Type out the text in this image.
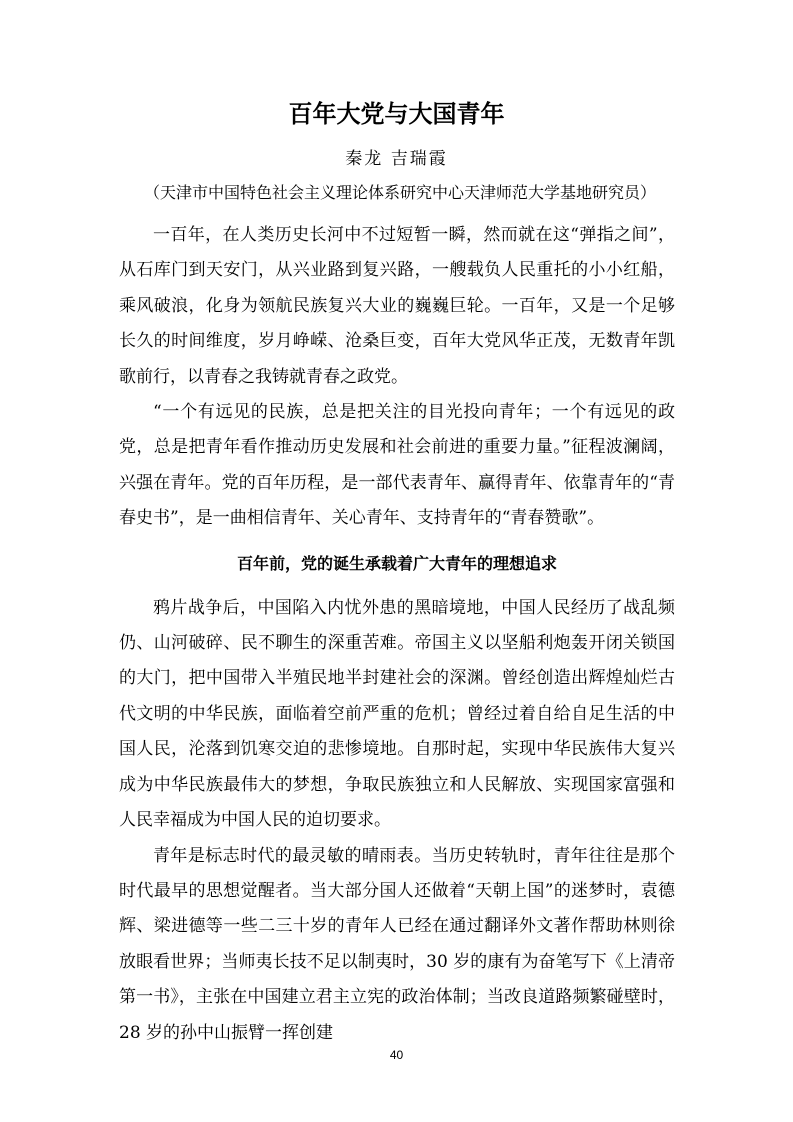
百年大党与大国青年
秦龙 吉瑞霞
（天津市中国特色社会主义理论体系研究中心天津师范大学基地研究员）

一百年，在人类历史长河中不过短暂一瞬，然而就在这“弹指之间”，从石库门到天安门，从兴业路到复兴路，一艘载负人民重托的小小红船，乘风破浪，化身为领航民族复兴大业的巍巍巨轮。一百年，又是一个足够长久的时间维度，岁月峥嵘、沧桑巨变，百年大党风华正茂，无数青年凯歌前行，以青春之我铸就青春之政党。

“一个有远见的民族，总是把关注的目光投向青年；一个有远见的政党，总是把青年看作推动历史发展和社会前进的重要力量。”征程波澜阔，兴强在青年。党的百年历程，是一部代表青年、赢得青年、依靠青年的“青春史书”，是一曲相信青年、关心青年、支持青年的“青春赞歌”。

百年前，党的诞生承载着广大青年的理想追求

鸦片战争后，中国陷入内忧外患的黑暗境地，中国人民经历了战乱频仍、山河破碎、民不聊生的深重苦难。帝国主义以坚船利炮轰开闭关锁国的大门，把中国带入半殖民地半封建社会的深渊。曾经创造出辉煌灿烂古代文明的中华民族，面临着空前严重的危机；曾经过着自给自足生活的中国人民，沦落到饥寒交迫的悲惨境地。自那时起，实现中华民族伟大复兴成为中华民族最伟大的梦想，争取民族独立和人民解放、实现国家富强和人民幸福成为中国人民的迫切要求。

青年是标志时代的最灵敏的晴雨表。当历史转轨时，青年往往是那个时代最早的思想觉醒者。当大部分国人还做着“天朝上国”的迷梦时，袁德辉、梁进德等一些二三十岁的青年人已经在通过翻译外文著作帮助林则徐放眼看世界；当师夷长技不足以制夷时，30 岁的康有为奋笔写下《上清帝第一书》，主张在中国建立君主立宪的政治体制；当改良道路频繁碰壁时，28 岁的孙中山振臂一挥创建

40
